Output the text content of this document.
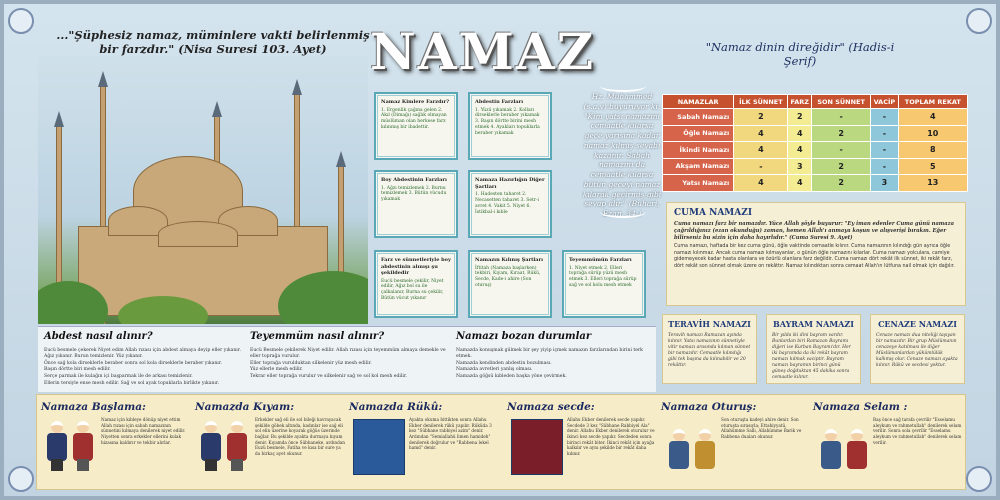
..."Şüphesiz namaz, müminlere vakti belirlenmiş bir farzdır." (Nisa Suresi 103. Ayet) NAMAZ	"Namaz dinin direğidir" (Hadis-i Şerif)
Namaz Kimlere Farzdır?

1. Ergenlik çağına gelen 2. Akıl (Dimağı) sağlık olmayan müslüman olan herkese farz kılınmış bir ibadettir.

Abdestin Farzları

1. Yüzü yıkamak 2. Kolları dirseklerle beraber yıkamak 3. Başın dörtte birini mesh etmek 4. Ayakları topuklarla beraber yıkamak

Boy Abdestinin Farzları

1. Ağzı temizlemek 2. Burnu temizlemek 3. Bütün vücudu yıkamak

Namaza Hazırlığın Diğer Şartları

1. Hadesten taharet 2. Necasetten taharet 3. Setr-i avret 4. Vakit 5. Niyet 6. İstikbal-i kıble

Farz ve sünnetleriyle boy abdestinin alınışı şu şekildedir

Eucü besmele çekilir, Niyet edilir, Ağız bol su ile çalkalanır, Burna su çekilir, Bütün vücut yıkanır

Namazın Kılınış Şartları

İftitah (Namaza başlarken) tekbiri, Kıyam, Kıraat, Rükû, Secde, Kade-i ahire (Son oturuş)

Teyemmümün Farzları

1. Niyet etmek 2. Elleri toprağa sürüp yüzü mesh etmek 3. Elleri toprağa sürüp sağ ve sol kolu mesh etmek

Hz. Muhammed (s.a.v) buyuruyor ki: "Kim yatsı namazını cemaatle kılarsa gece yarısına kadar namaz kılmış sevabı kazanır. Sabah namazını da cemaatle kılarsa bütün geceyi namaz kılarak geçirmiş gibi sevap alır." (Buhari, Ezan, 34.)
NAMAZLAR	İLK SÜNNET	FARZ	SON SÜNNET	VACİP	TOPLAM REKAT
Sabah Namazı	2	2	-	-	4
Öğle Namazı	4	4	2	-	10
İkindi Namazı	4	4	-	-	8
Akşam Namazı	-	3	2	-	5
Yatsı Namazı	4	4	2	3	13
CUMA NAMAZI
Cuma namazı farz bir namazdır. Yüce Allah şöyle buyurur: "Ey iman edenler Cuma günü namaza çağrıldığınız (ezan okunduğu) zaman, hemen Allah'ı anmaya koşun ve alışverişi bırakın. Eğer bilirseniz bu sizin için daha hayırlıdır." (Cuma Suresi 9. Ayet)
Cuma namazı, haftada bir kez cuma günü, öğle vaktinde cemaatle kılınır. Cuma namazının kılındığı gün ayrıca öğle namazı kılınmaz. Ancak cuma namazı kılmayanlar, o günün öğle namazını kılarlar. Cuma namazı yolculara, camiye gidemeyecek kadar hasta olanlara ve özürlü olanlara farz değildir. Cuma namazı dört rekât ilk sünnet, iki rekât farz, dört rekât son sünnet olmak üzere on rekâttır. Namaz kılındıktan sonra cemaat Allah'ın lütfuna nail olmak için dağılır.
TERAVİH NAMAZI
Teravih namazı Ramazan ayında kılınır. Yatsı namazının sünnetiyle vitir namazı arasında kılınan sünnet bir namazdır. Cemaatle kılındığı gibi tek başına da kılınabilir ve 20 rekâttır.
BAYRAM NAMAZI
Bir yılda iki dini bayram vardır. Bunlardan biri Ramazan Bayramı diğeri ise Kurban Bayramı'dır. Her iki bayramda da iki rekât bayram namazı kılmak vaciptir. Bayram namazı bayramın birinci günü güneş doğduktan 45 dakika sonra cemaatle kılınır.
CENAZE NAMAZI
Cenaze namazı dua niteliği taşıyan bir namazdır. Bir grup Müslümanın cenazeye katılması ile diğer Müslümanlardan yükümlülük kalkmış olur. Cenaze namazı ayakta kılınır. Rükû ve secdesi yoktur.
Abdest nasıl alınır?
Eucü besmele çekerek Niyet edim Allah rızası için abdest almaya deyip eller yıkanır.
Ağız yıkanır. Burun temizlenir. Yüz yıkanır.
Önce sağ kola dirseklerle beraber sonra sol kola dirseklerle beraber yıkanır.
Başın dörtte biri mesh edilir.
Serçe parmak ile kulağın içi başparmak ile de arkası temizlenir.
Ellerin tersiyle ense mesh edilir. Sağ ve sol ayak topuklarla birlikte yıkanır.
Teyemmüm nasıl alınır?
Eucü Besmele çekilerek Niyet edilir. Allah rızası için teyemmüm almaya demekle ve eller toprağa vurulur.
Eller toprağa vurulduktan silkelenir yüz mesh edilir.
Yüz ellerle mesh edilir.
Tekrar eller toprağa vurulur ve silkelenir sağ ve sol kol mesh edilir.
Namazı bozan durumlar
Namazda konuşmak gülmek bir şey yiyip içmek namazın farzlarından birini terk etmek.
Namazda kendinden abdestin bozulması.
Namazda avretleri yanlış olması.
Namazda göğsü kıbleden başka yöne çevirmek.
Namaza Başlama:
Namaz için kıbleye dönüp niyet ettim Allah rızası için sabah namazının sünnetini kılmaya denilerek niyet edilir. Niyetten sonra erkekler ellerini kulak hizasına kaldırır ve tekbir alırlar.
Namazda Kıyam:
Erkekler sağ eli ile sol bileği kavrayacak şekilde göbek altında, kadınlar ise sağ eli sol elin üzerine koyarak göğüs üzerinde bağlar. Bu şekilde ayakta durmaya kıyam denir. Kıyamda önce Sübhaneke, ardından Euzü besmele, Fatiha ve kısa bir sure ya da birkaç ayet okunur.
Namazda Rükû:
Ayakta okuma bittikten sonra Allahu Ekber denilerek rükû yapılır. Rükûda 3 kez "Sübhane rabbiyel azim" denir. Ardından "Semiallahü limen hamideh" denilerek doğrulur ve "Rabbena lekel hamd" denir.
Namaza secde:
Allahu Ekber denilerek secde yapılır. Secdede 3 kez "Sübhane Rabbiyel Ala" denir. Allahu Ekber denilerek oturulur ve ikinci kez secde yapılır. Secdeden sonra birinci rekât biter. İkinci rekât için ayağa kalkılır ve aynı şekilde bir rekât daha kılınır.
Namaza Oturuş:
Son oturuşta kadeyi ahire denir. Son oturuşta sırasıyla; Ettahiyyatü, Allahümme Salli, Allahümme Barik ve Rabbena duaları okunur.
Namaza Selam :
Baş önce sağ tarafa çevrilir "Esselamu aleykum ve rahmetullah" denilerek selam verilir. Sonra sola çevrilir "Esselamu aleykum ve rahmetullah" denilerek selam verilir.
